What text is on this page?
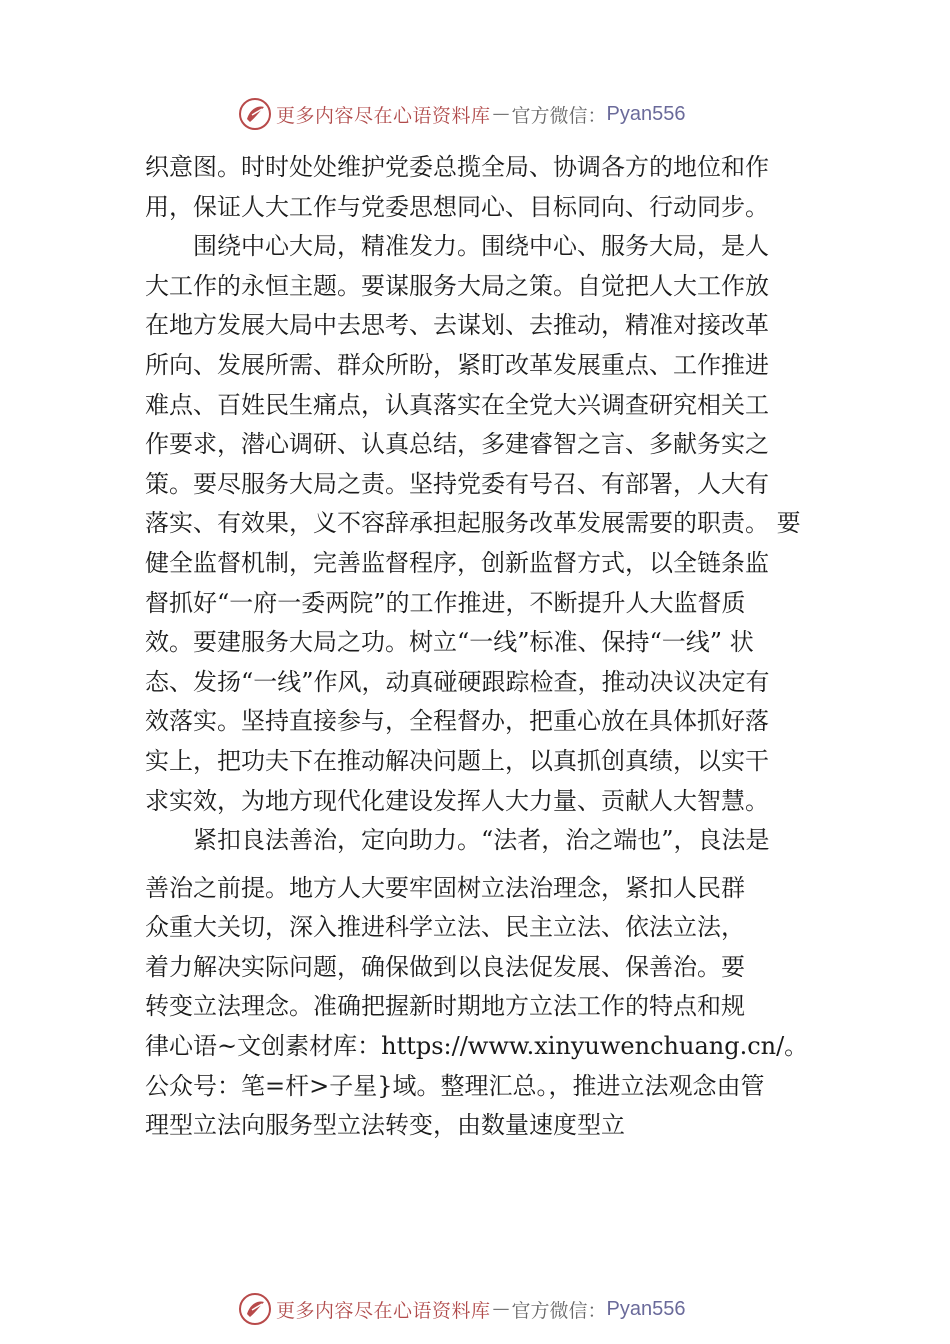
更多内容尽在心语资料库 — 官方微信： Pyan556
织意图。时时处处维护党委总揽全局、协调各方的地位和作
用，保证人大工作与党委思想同心、目标同向、行动同步。
围绕中心大局，精准发力。围绕中心、服务大局，是人
大工作的永恒主题。要谋服务大局之策。自觉把人大工作放
在地方发展大局中去思考、去谋划、去推动，精准对接改革
所向、发展所需、群众所盼，紧盯改革发展重点、工作推进
难点、百姓民生痛点，认真落实在全党大兴调查研究相关工
作要求，潜心调研、认真总结，多建睿智之言、多献务实之
策。要尽服务大局之责。坚持党委有号召、有部署，人大有
落实、有效果，义不容辞承担起服务改革发展需要的职责。 要
健全监督机制，完善监督程序，创新监督方式，以全链条监
督抓好“一府一委两院”的工作推进，不断提升人大监督质
效。要建服务大局之功。树立“一线”标准、保持“一线” 状
态、发扬“一线”作风，动真碰硬跟踪检查，推动决议决定有
效落实。坚持直接参与，全程督办，把重心放在具体抓好落
实上，把功夫下在推动解决问题上，以真抓创真绩，以实干
求实效，为地方现代化建设发挥人大力量、贡献人大智慧。
紧扣良法善治，定向助力。“法者，治之端也”，良法是
善治之前提。地方人大要牢固树立法治理念，紧扣人民群
众重大关切，深入推进科学立法、民主立法、依法立法，
着力解决实际问题，确保做到以良法促发展、保善治。要
转变立法理念。准确把握新时期地方立法工作的特点和规
律心语~文创素材库：https://www.xinyuwenchuang.cn/。
公众号：笔=杆>子星}域。整理汇总。，推进立法观念由管
理型立法向服务型立法转变，由数量速度型立
更多内容尽在心语资料库 — 官方微信： Pyan556
